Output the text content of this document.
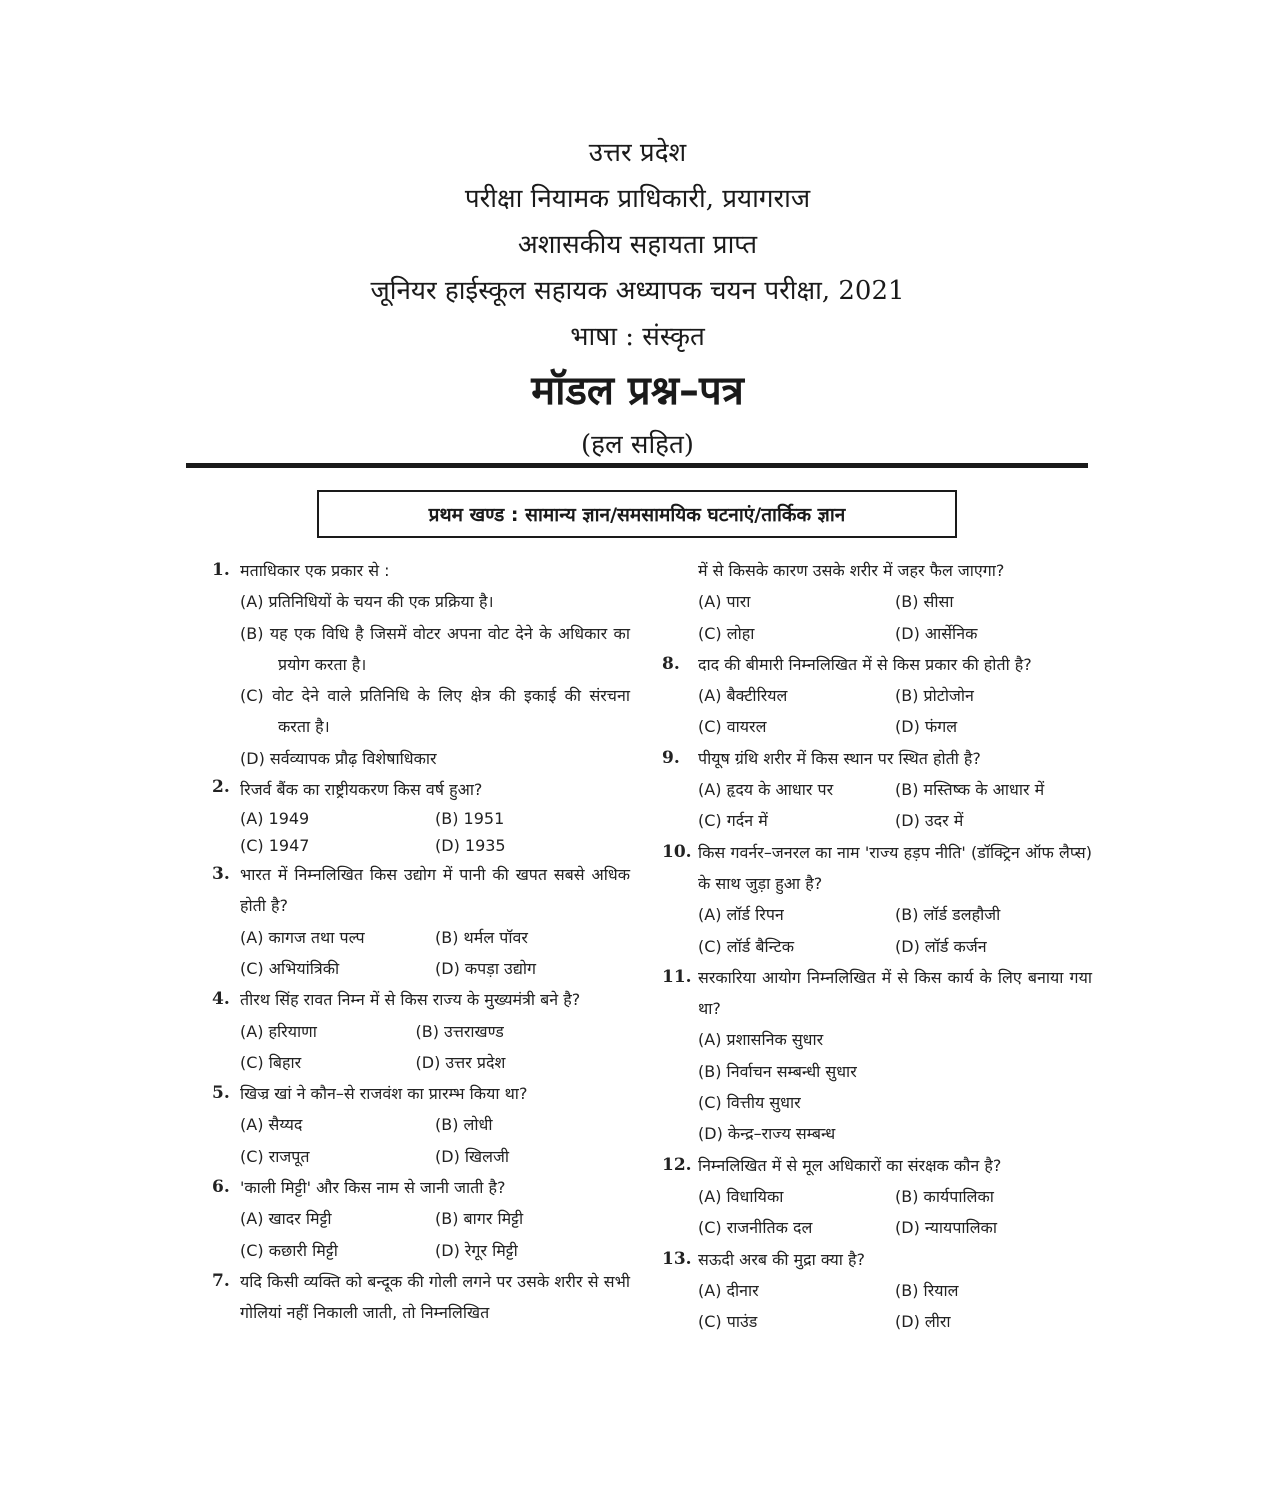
उत्तर प्रदेश
परीक्षा नियामक प्राधिकारी, प्रयागराज
अशासकीय सहायता प्राप्त
जूनियर हाईस्कूल सहायक अध्यापक चयन परीक्षा, 2021
भाषा : संस्कृत
मॉडल प्रश्न–पत्र
(हल सहित)
प्रथम खण्ड : सामान्य ज्ञान/समसामयिक घटनाएं/तार्किक ज्ञान
1. मताधिकार एक प्रकार से :
(A) प्रतिनिधियों के चयन की एक प्रक्रिया है।
(B) यह एक विधि है जिसमें वोटर अपना वोट देने के अधिकार का प्रयोग करता है।
(C) वोट देने वाले प्रतिनिधि के लिए क्षेत्र की इकाई की संरचना करता है।
(D) सर्वव्यापक प्रौढ़ विशेषाधिकार
2. रिजर्व बैंक का राष्ट्रीयकरण किस वर्ष हुआ?
(A) 1949	(B) 1951
(C) 1947	(D) 1935
3. भारत में निम्नलिखित किस उद्योग में पानी की खपत सबसे अधिक होती है?
(A) कागज तथा पल्प	(B) थर्मल पॉवर
(C) अभियांत्रिकी	(D) कपड़ा उद्योग
4. तीरथ सिंह रावत निम्न में से किस राज्य के मुख्यमंत्री बने है?
(A) हरियाणा	(B) उत्तराखण्ड
(C) बिहार	(D) उत्तर प्रदेश
5. खिज्र खां ने कौन–से राजवंश का प्रारम्भ किया था?
(A) सैय्यद	(B) लोधी
(C) राजपूत	(D) खिलजी
6. 'काली मिट्टी' और किस नाम से जानी जाती है?
(A) खादर मिट्टी	(B) बागर मिट्टी
(C) कछारी मिट्टी	(D) रेगूर मिट्टी
7. यदि किसी व्यक्ति को बन्दूक की गोली लगने पर उसके शरीर से सभी गोलियां नहीं निकाली जाती, तो निम्नलिखित
में से किसके कारण उसके शरीर में जहर फैल जाएगा?
(A) पारा	(B) सीसा
(C) लोहा	(D) आर्सेनिक
8. दाद की बीमारी निम्नलिखित में से किस प्रकार की होती है?
(A) बैक्टीरियल	(B) प्रोटोजोन
(C) वायरल	(D) फंगल
9. पीयूष ग्रंथि शरीर में किस स्थान पर स्थित होती है?
(A) हृदय के आधार पर	(B) मस्तिष्क के आधार में
(C) गर्दन में	(D) उदर में
10. किस गवर्नर–जनरल का नाम 'राज्य हड़प नीति' (डॉक्ट्रिन ऑफ लैप्स) के साथ जुड़ा हुआ है?
(A) लॉर्ड रिपन	(B) लॉर्ड डलहौजी
(C) लॉर्ड बैन्टिक	(D) लॉर्ड कर्जन
11. सरकारिया आयोग निम्नलिखित में से किस कार्य के लिए बनाया गया था?
(A) प्रशासनिक सुधार
(B) निर्वाचन सम्बन्धी सुधार
(C) वित्तीय सुधार
(D) केन्द्र–राज्य सम्बन्ध
12. निम्नलिखित में से मूल अधिकारों का संरक्षक कौन है?
(A) विधायिका	(B) कार्यपालिका
(C) राजनीतिक दल	(D) न्यायपालिका
13. सऊदी अरब की मुद्रा क्या है?
(A) दीनार	(B) रियाल
(C) पाउंड	(D) लीरा
